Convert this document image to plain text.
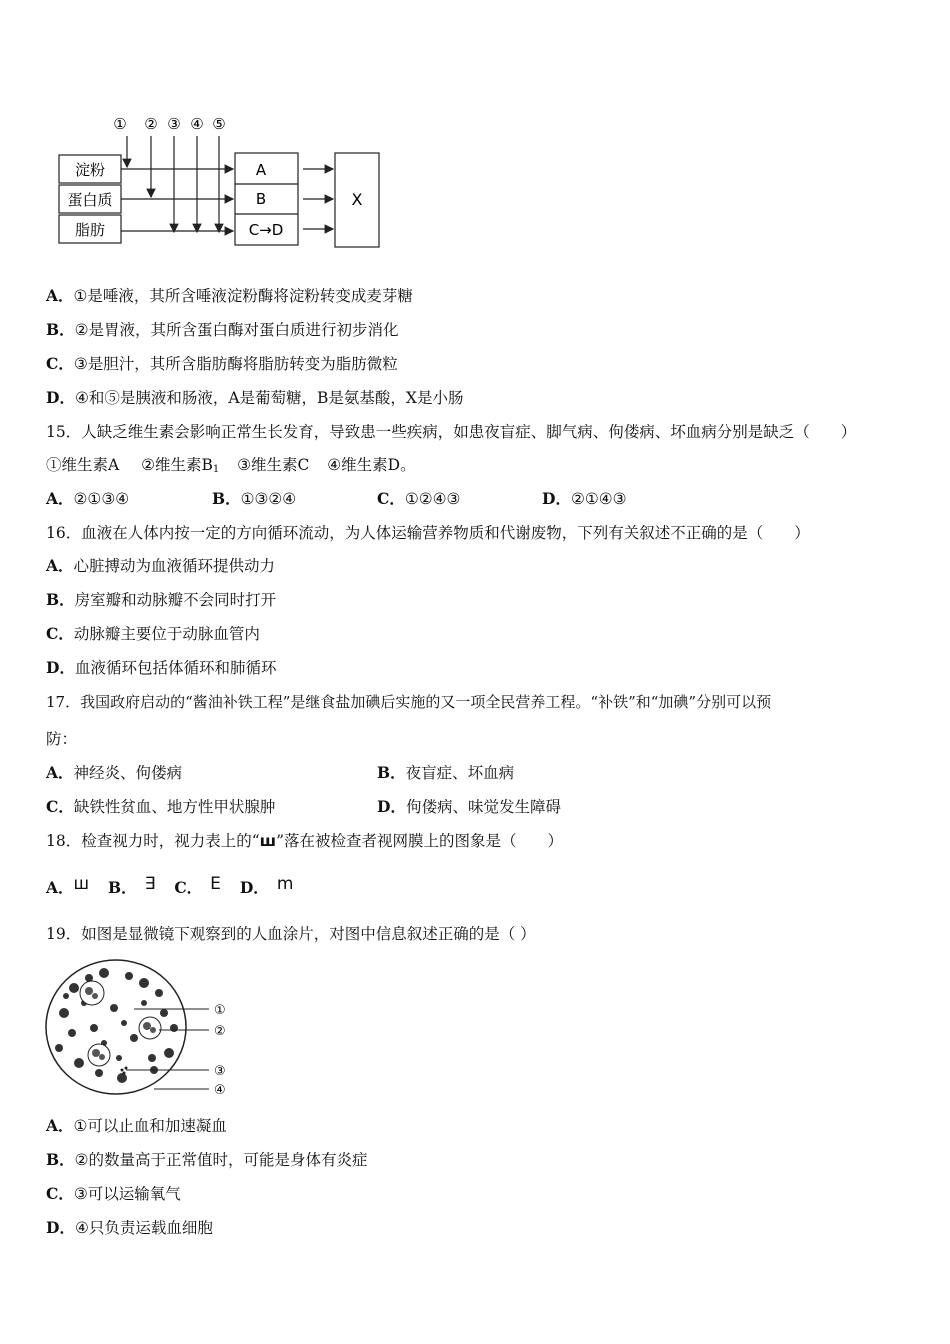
① ② ③ ④ ⑤
淀粉
蛋白质
脂肪
A
B
C→D
X
A．①是唾液，其所含唾液淀粉酶将淀粉转变成麦芽糖
B．②是胃液，其所含蛋白酶对蛋白质进行初步消化
C．③是胆汁，其所含脂肪酶将脂肪转变为脂肪微粒
D．④和⑤是胰液和肠液，A是葡萄糖，B是氨基酸，X是小肠
15．人缺乏维生素会影响正常生长发育，导致患一些疾病，如患夜盲症、脚气病、佝偻病、坏血病分别是缺乏（　　）
①维生素A ②维生素$B_1$ ③维生素C ④维生素D。
A．②①③④	B．①③②④	C．①②④③	D．②①④③
16．血液在人体内按一定的方向循环流动，为人体运输营养物质和代谢废物，下列有关叙述不正确的是（　　）
A．心脏搏动为血液循环提供动力
B．房室瓣和动脉瓣不会同时打开
C．动脉瓣主要位于动脉血管内
D．血液循环包括体循环和肺循环
17．我国政府启动的“酱油补铁工程”是继食盐加碘后实施的又一项全民营养工程。“补铁”和“加碘”分别可以预
防：
A．神经炎、佝偻病	B．夜盲症、坏血病
C．缺铁性贫血、地方性甲状腺肿	D．佝偻病、味觉发生障碍
18．检查视力时，视力表上的“ш”落在被检查者视网膜上的图象是（　　）
A．ш B． ∃ C． E D． m
19．如图是显微镜下观察到的人血涂片，对图中信息叙述正确的是（ ）
①
②
③
④
A．①可以止血和加速凝血
B．②的数量高于正常值时，可能是身体有炎症
C．③可以运输氧气
D．④只负责运载血细胞
